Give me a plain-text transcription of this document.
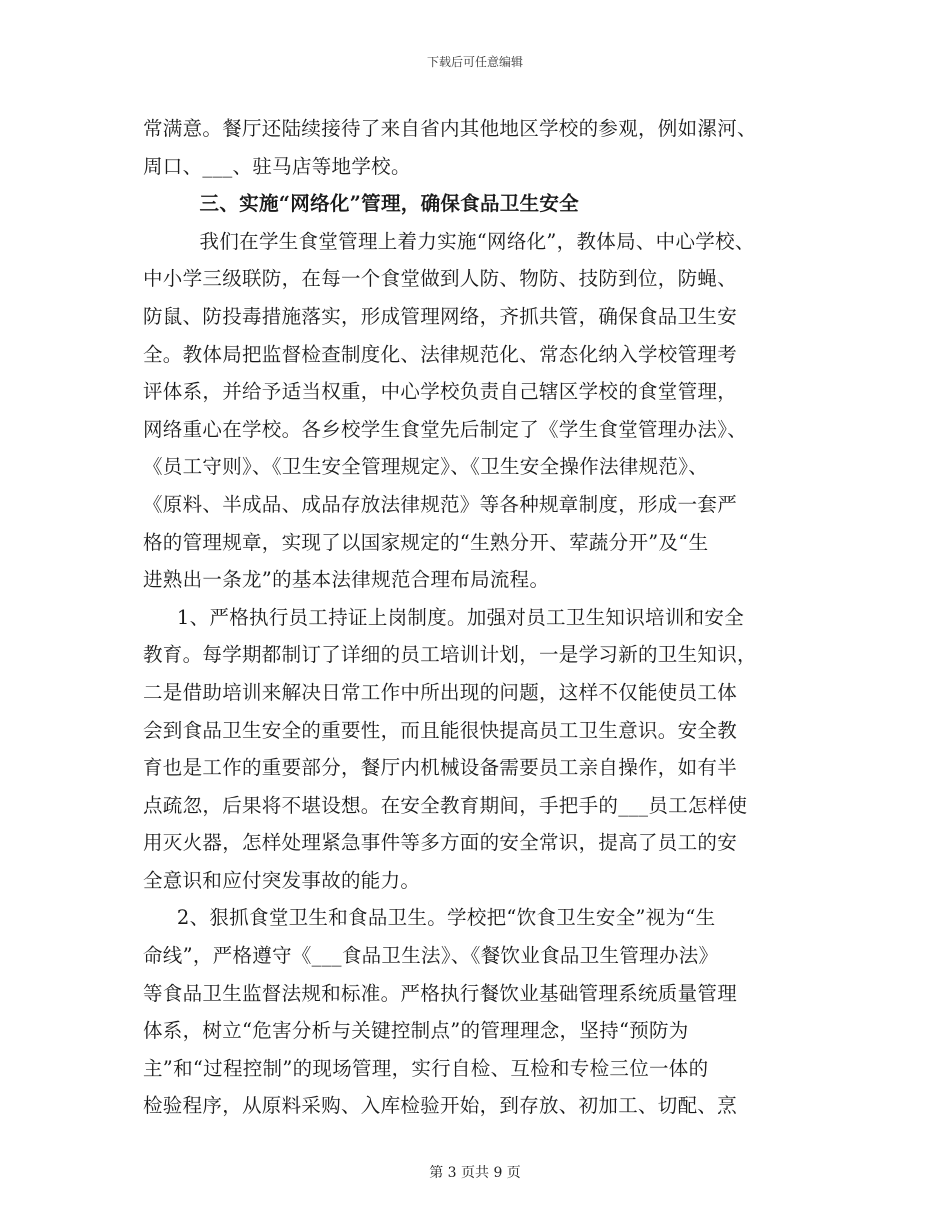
下载后可任意编辑
常满意。餐厅还陆续接待了来自省内其他地区学校的参观，例如漯河、
周口、___、驻马店等地学校。
三、实施“网络化”管理，确保食品卫生安全
我们在学生食堂管理上着力实施“网络化”，教体局、中心学校、
中小学三级联防，在每一个食堂做到人防、物防、技防到位，防蝇、
防鼠、防投毒措施落实，形成管理网络，齐抓共管，确保食品卫生安
全。教体局把监督检查制度化、法律规范化、常态化纳入学校管理考
评体系，并给予适当权重，中心学校负责自己辖区学校的食堂管理，
网络重心在学校。各乡校学生食堂先后制定了《学生食堂管理办法》、
《员工守则》、《卫生安全管理规定》、《卫生安全操作法律规范》、
《原料、半成品、成品存放法律规范》等各种规章制度，形成一套严
格的管理规章，实现了以国家规定的“生熟分开、荤蔬分开”及“生
进熟出一条龙”的基本法律规范合理布局流程。
1、严格执行员工持证上岗制度。加强对员工卫生知识培训和安全
教育。每学期都制订了详细的员工培训计划，一是学习新的卫生知识，
二是借助培训来解决日常工作中所出现的问题，这样不仅能使员工体
会到食品卫生安全的重要性，而且能很快提高员工卫生意识。安全教
育也是工作的重要部分，餐厅内机械设备需要员工亲自操作，如有半
点疏忽，后果将不堪设想。在安全教育期间，手把手的___员工怎样使
用灭火器，怎样处理紧急事件等多方面的安全常识，提高了员工的安
全意识和应付突发事故的能力。
2、狠抓食堂卫生和食品卫生。学校把“饮食卫生安全”视为“生
命线”，严格遵守《___食品卫生法》、《餐饮业食品卫生管理办法》
等食品卫生监督法规和标准。严格执行餐饮业基础管理系统质量管理
体系，树立“危害分析与关键控制点”的管理理念，坚持“预防为
主”和“过程控制”的现场管理，实行自检、互检和专检三位一体的
检验程序，从原料采购、入库检验开始，到存放、初加工、切配、烹
第 3 页共 9 页
